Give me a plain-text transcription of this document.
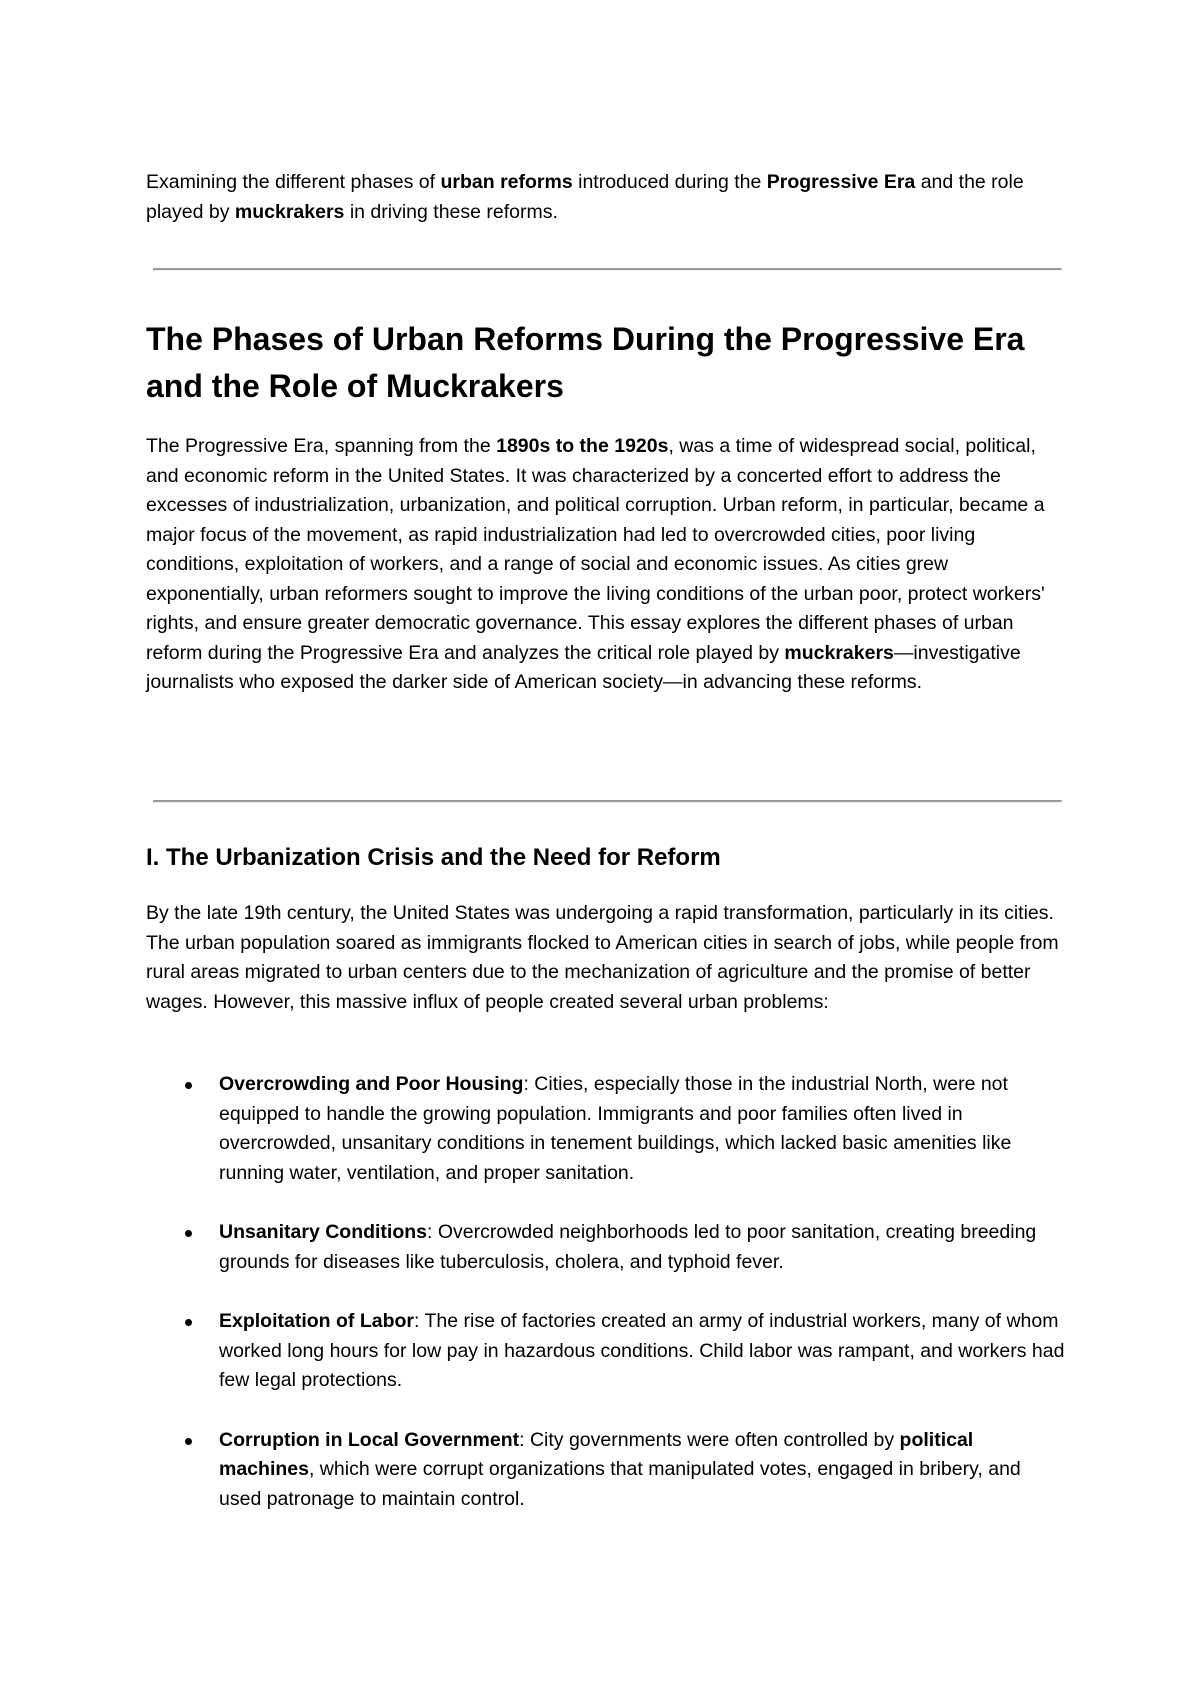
Examining the different phases of urban reforms introduced during the Progressive Era and the role played by muckrakers in driving these reforms.

The Phases of Urban Reforms During the Progressive Era and the Role of Muckrakers

The Progressive Era, spanning from the 1890s to the 1920s, was a time of widespread social, political, and economic reform in the United States. It was characterized by a concerted effort to address the excesses of industrialization, urbanization, and political corruption. Urban reform, in particular, became a major focus of the movement, as rapid industrialization had led to overcrowded cities, poor living conditions, exploitation of workers, and a range of social and economic issues. As cities grew exponentially, urban reformers sought to improve the living conditions of the urban poor, protect workers' rights, and ensure greater democratic governance. This essay explores the different phases of urban reform during the Progressive Era and analyzes the critical role played by muckrakers—investigative journalists who exposed the darker side of American society—in advancing these reforms.

I. The Urbanization Crisis and the Need for Reform

By the late 19th century, the United States was undergoing a rapid transformation, particularly in its cities. The urban population soared as immigrants flocked to American cities in search of jobs, while people from rural areas migrated to urban centers due to the mechanization of agriculture and the promise of better wages. However, this massive influx of people created several urban problems:

Overcrowding and Poor Housing: Cities, especially those in the industrial North, were not equipped to handle the growing population. Immigrants and poor families often lived in overcrowded, unsanitary conditions in tenement buildings, which lacked basic amenities like running water, ventilation, and proper sanitation.
Unsanitary Conditions: Overcrowded neighborhoods led to poor sanitation, creating breeding grounds for diseases like tuberculosis, cholera, and typhoid fever.
Exploitation of Labor: The rise of factories created an army of industrial workers, many of whom worked long hours for low pay in hazardous conditions. Child labor was rampant, and workers had few legal protections.
Corruption in Local Government: City governments were often controlled by political machines, which were corrupt organizations that manipulated votes, engaged in bribery, and used patronage to maintain control.
